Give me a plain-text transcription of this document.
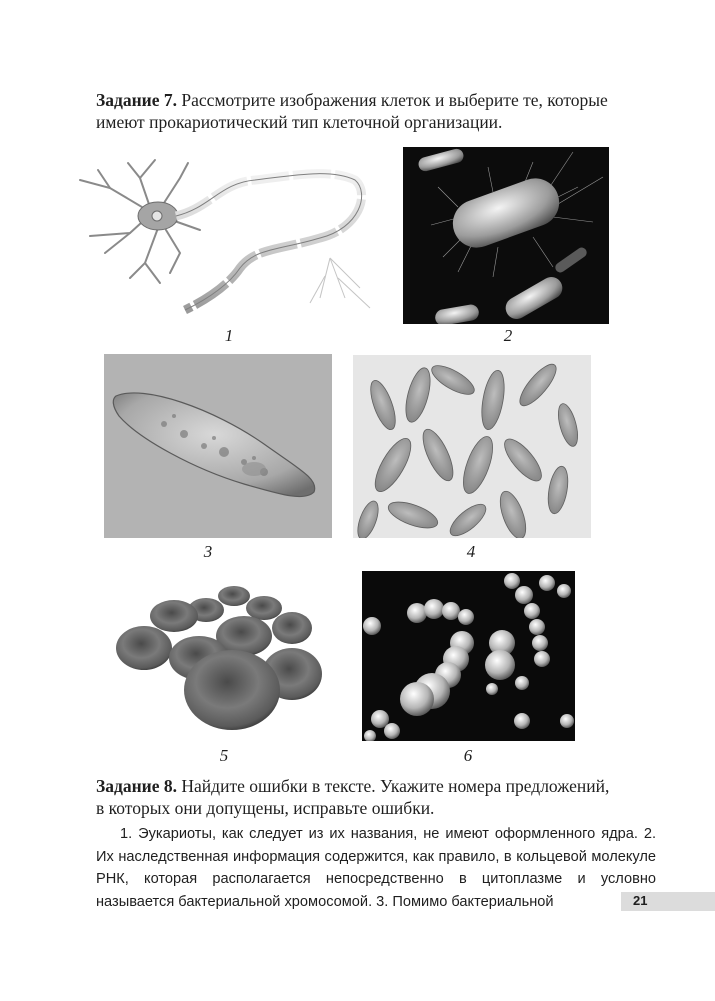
Задание 7. Рассмотрите изображения клеток и выберите те, которые
имеют прокариотический тип клеточной организации.
1	2
3	4
5	6
Задание 8. Найдите ошибки в тексте. Укажите номера предложений,
в которых они допущены, исправьте ошибки.

1. Эукариоты, как следует из их названия, не имеют оформленного ядра. 2. Их наследственная информация содержится, как правило, в кольцевой молекуле РНК, которая располагается непосредственно в цитоплазме и условно называется бактериальной хромосомой. 3. Помимо бактериальной	21
